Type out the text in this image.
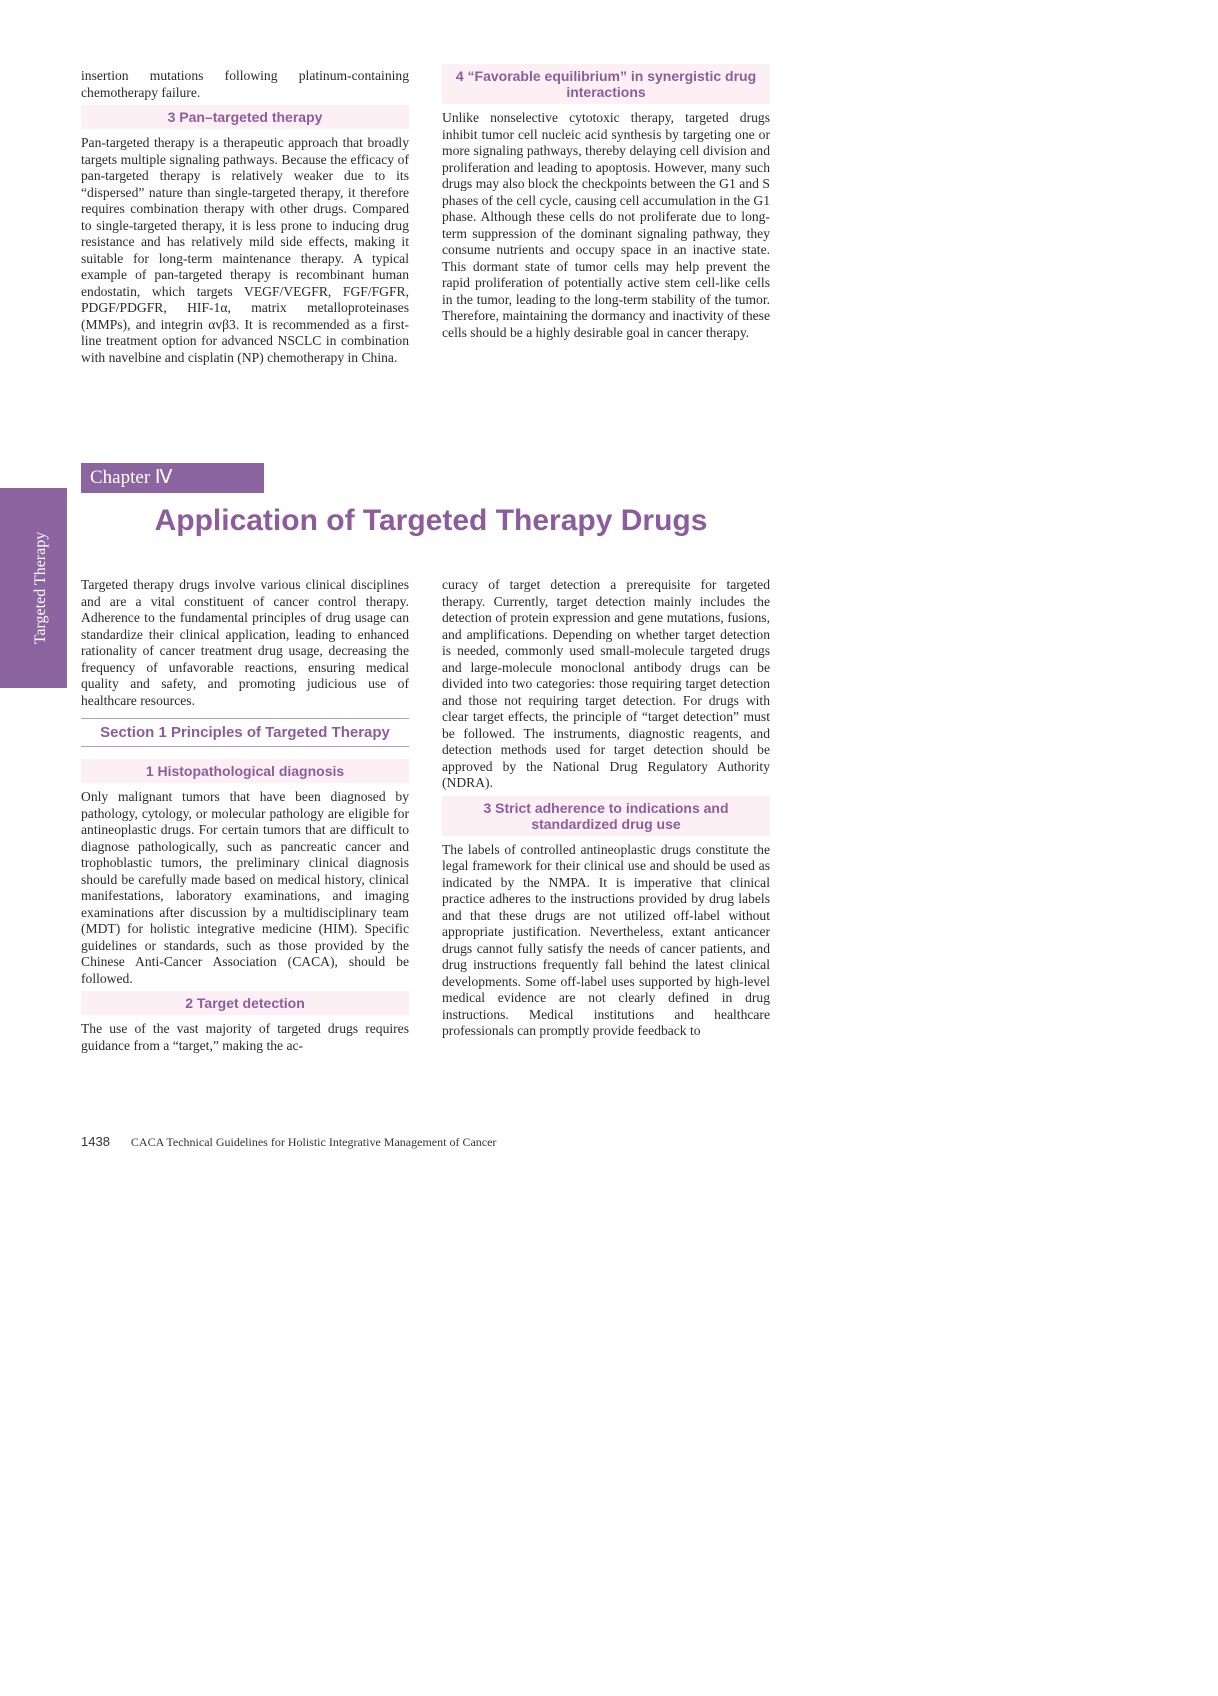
Targeted Therapy

insertion mutations following platinum-containing chemotherapy failure.

3 Pan–targeted therapy

Pan-targeted therapy is a therapeutic approach that broadly targets multiple signaling pathways. Because the efficacy of pan-targeted therapy is relatively weaker due to its “dispersed” nature than single-targeted therapy, it therefore requires combination therapy with other drugs. Compared to single-targeted therapy, it is less prone to inducing drug resistance and has relatively mild side effects, making it suitable for long-term maintenance therapy. A typical example of pan-targeted therapy is recombinant human endostatin, which targets VEGF/VEGFR, FGF/FGFR, PDGF/PDGFR, HIF-1α, matrix metalloproteinases (MMPs), and integrin αvβ3. It is recommended as a first-line treatment option for advanced NSCLC in combination with navelbine and cisplatin (NP) chemotherapy in China.

4 “Favorable equilibrium” in synergistic drug interactions

Unlike nonselective cytotoxic therapy, targeted drugs inhibit tumor cell nucleic acid synthesis by targeting one or more signaling pathways, thereby delaying cell division and proliferation and leading to apoptosis. However, many such drugs may also block the checkpoints between the G1 and S phases of the cell cycle, causing cell accumulation in the G1 phase. Although these cells do not proliferate due to long-term suppression of the dominant signaling pathway, they consume nutrients and occupy space in an inactive state. This dormant state of tumor cells may help prevent the rapid proliferation of potentially active stem cell-like cells in the tumor, leading to the long-term stability of the tumor. Therefore, maintaining the dormancy and inactivity of these cells should be a highly desirable goal in cancer therapy.

Chapter Ⅳ
Application of Targeted Therapy Drugs

Targeted therapy drugs involve various clinical disciplines and are a vital constituent of cancer control therapy. Adherence to the fundamental principles of drug usage can standardize their clinical application, leading to enhanced rationality of cancer treatment drug usage, decreasing the frequency of unfavorable reactions, ensuring medical quality and safety, and promoting judicious use of healthcare resources.

Section 1 Principles of Targeted Therapy
1 Histopathological diagnosis

Only malignant tumors that have been diagnosed by pathology, cytology, or molecular pathology are eligible for antineoplastic drugs. For certain tumors that are difficult to diagnose pathologically, such as pancreatic cancer and trophoblastic tumors, the preliminary clinical diagnosis should be carefully made based on medical history, clinical manifestations, laboratory examinations, and imaging examinations after discussion by a multidisciplinary team (MDT) for holistic integrative medicine (HIM). Specific guidelines or standards, such as those provided by the Chinese Anti-Cancer Association (CACA), should be followed.

2 Target detection

The use of the vast majority of targeted drugs requires guidance from a “target,” making the ac-

curacy of target detection a prerequisite for targeted therapy. Currently, target detection mainly includes the detection of protein expression and gene mutations, fusions, and amplifications. Depending on whether target detection is needed, commonly used small-molecule targeted drugs and large-molecule monoclonal antibody drugs can be divided into two categories: those requiring target detection and those not requiring target detection. For drugs with clear target effects, the principle of “target detection” must be followed. The instruments, diagnostic reagents, and detection methods used for target detection should be approved by the National Drug Regulatory Authority (NDRA).

3 Strict adherence to indications and standardized drug use

The labels of controlled antineoplastic drugs constitute the legal framework for their clinical use and should be used as indicated by the NMPA. It is imperative that clinical practice adheres to the instructions provided by drug labels and that these drugs are not utilized off-label without appropriate justification. Nevertheless, extant anticancer drugs cannot fully satisfy the needs of cancer patients, and drug instructions frequently fall behind the latest clinical developments. Some off-label uses supported by high-level medical evidence are not clearly defined in drug instructions. Medical institutions and healthcare professionals can promptly provide feedback to

1438 CACA Technical Guidelines for Holistic Integrative Management of Cancer
